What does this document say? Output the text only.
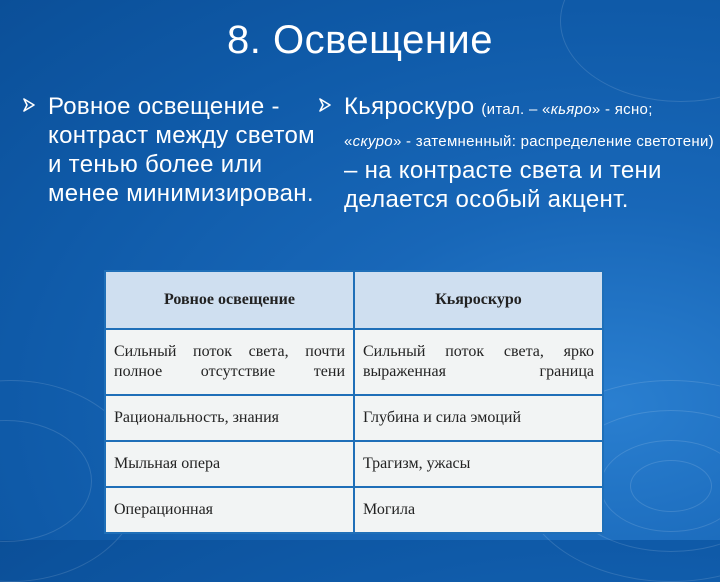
8. Освещение
Ровное освещение - контраст между светом и тенью более или менее минимизирован.
Кьяроскуро (итал. – «кьяро» - ясно; «скуро» - затемненный: распределение светотени) – на контрасте света и тени делается особый акцент.
Ровное освещение	Кьяроскуро
Сильный поток света, почти полное отсутствие тени	Сильный поток света, ярко выраженная граница
Рациональность, знания	Глубина и сила эмоций
Мыльная опера	Трагизм, ужасы
Операционная	Могила
